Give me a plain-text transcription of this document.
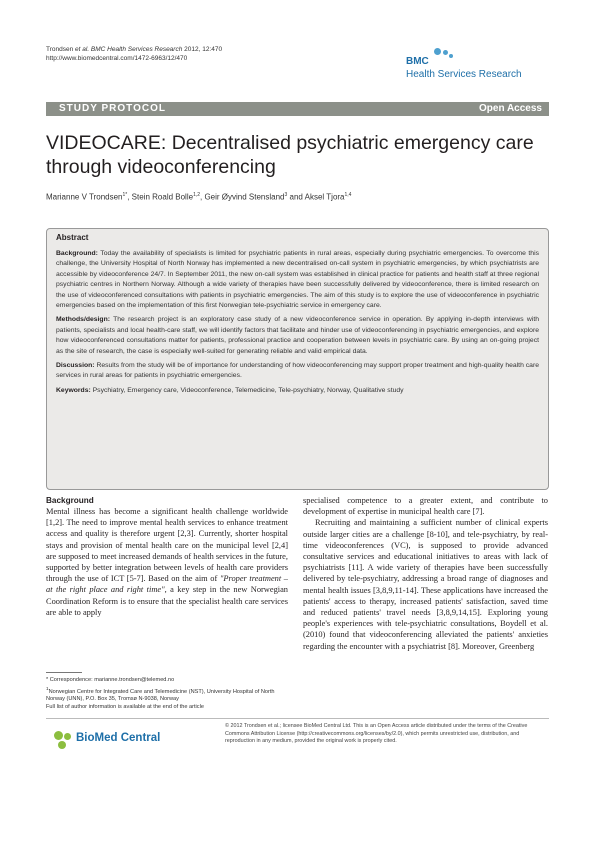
Trondsen et al. BMC Health Services Research 2012, 12:470
http://www.biomedcentral.com/1472-6963/12/470	BMC
Health Services Research
STUDY PROTOCOL	Open Access
VIDEOCARE: Decentralised psychiatric emergency care through videoconferencing
Marianne V Trondsen$^{1*}$, Stein Roald Bolle$^{1,2}$, Geir Øyvind Stensland$^3$ and Aksel Tjora$^{1,4}$
Abstract

Background: Today the availability of specialists is limited for psychiatric patients in rural areas, especially during psychiatric emergencies. To overcome this challenge, the University Hospital of North Norway has implemented a new decentralised on-call system in psychiatric emergencies, by which psychiatrists are accessible by videoconference 24/7. In September 2011, the new on-call system was established in clinical practice for patients and health staff at three regional psychiatric centres in Northern Norway. Although a wide variety of therapies have been successfully delivered by videoconference, there is limited research on the use of videoconferenced consultations with patients in psychiatric emergencies. The aim of this study is to explore the use of videoconference in psychiatric emergencies based on the implementation of this first Norwegian tele-psychiatric service in emergency care.

Methods/design: The research project is an exploratory case study of a new videoconference service in operation. By applying in-depth interviews with patients, specialists and local health-care staff, we will identify factors that facilitate and hinder use of videoconferencing in psychiatric emergencies, and explore how videoconferenced consultations matter for patients, professional practice and cooperation between levels in psychiatric care. By using an on-going project as the site of research, the case is especially well-suited for generating reliable and valid empirical data.

Discussion: Results from the study will be of importance for understanding of how videoconferencing may support proper treatment and high-quality health care services in rural areas for patients in psychiatric emergencies.

Keywords: Psychiatry, Emergency care, Videoconference, Telemedicine, Tele-psychiatry, Norway, Qualitative study

Background

Mental illness has become a significant health challenge worldwide [1,2]. The need to improve mental health services to enhance treatment access and quality is therefore urgent [2,3]. Currently, shorter hospital stays and provision of mental health care on the municipal level [2,4] are supposed to meet increased demands of health services in the future, supported by better integration between levels of health care providers through the use of ICT [5-7]. Based on the aim of "Proper treatment – at the right place and right time", a key step in the new Norwegian Coordination Reform is to ensure that the specialist health care services are able to apply

specialised competence to a greater extent, and contribute to development of expertise in municipal health care [7].

Recruiting and maintaining a sufficient number of clinical experts outside larger cities are a challenge [8-10], and tele-psychiatry, by real-time videoconferences (VC), is supposed to provide advanced consultative services and educational initiatives to areas with lack of psychiatrists [11]. A wide variety of therapies have been successfully delivered by tele-psychiatry, addressing a broad range of diagnoses and mental health issues [3,8,9,11-14]. These applications have increased the patients' access to therapy, increased patients' satisfaction, saved time and reduced patients' travel needs [3,8,9,14,15]. Exploring young people's experiences with tele-psychiatric consultations, Boydell et al. (2010) found that videoconferencing alleviated the patients' anxieties regarding the encounter with a psychiatrist [8]. Moreover, Greenberg

* Correspondence: marianne.trondsen@telemed.no
$^1$Norwegian Centre for Integrated Care and Telemedicine (NST), University Hospital of North Norway (UNN), P.O. Box 35, Tromsø N-9038, Norway
Full list of author information is available at the end of the article
BioMed Central
© 2012 Trondsen et al.; licensee BioMed Central Ltd. This is an Open Access article distributed under the terms of the Creative Commons Attribution License (http://creativecommons.org/licenses/by/2.0), which permits unrestricted use, distribution, and reproduction in any medium, provided the original work is properly cited.
